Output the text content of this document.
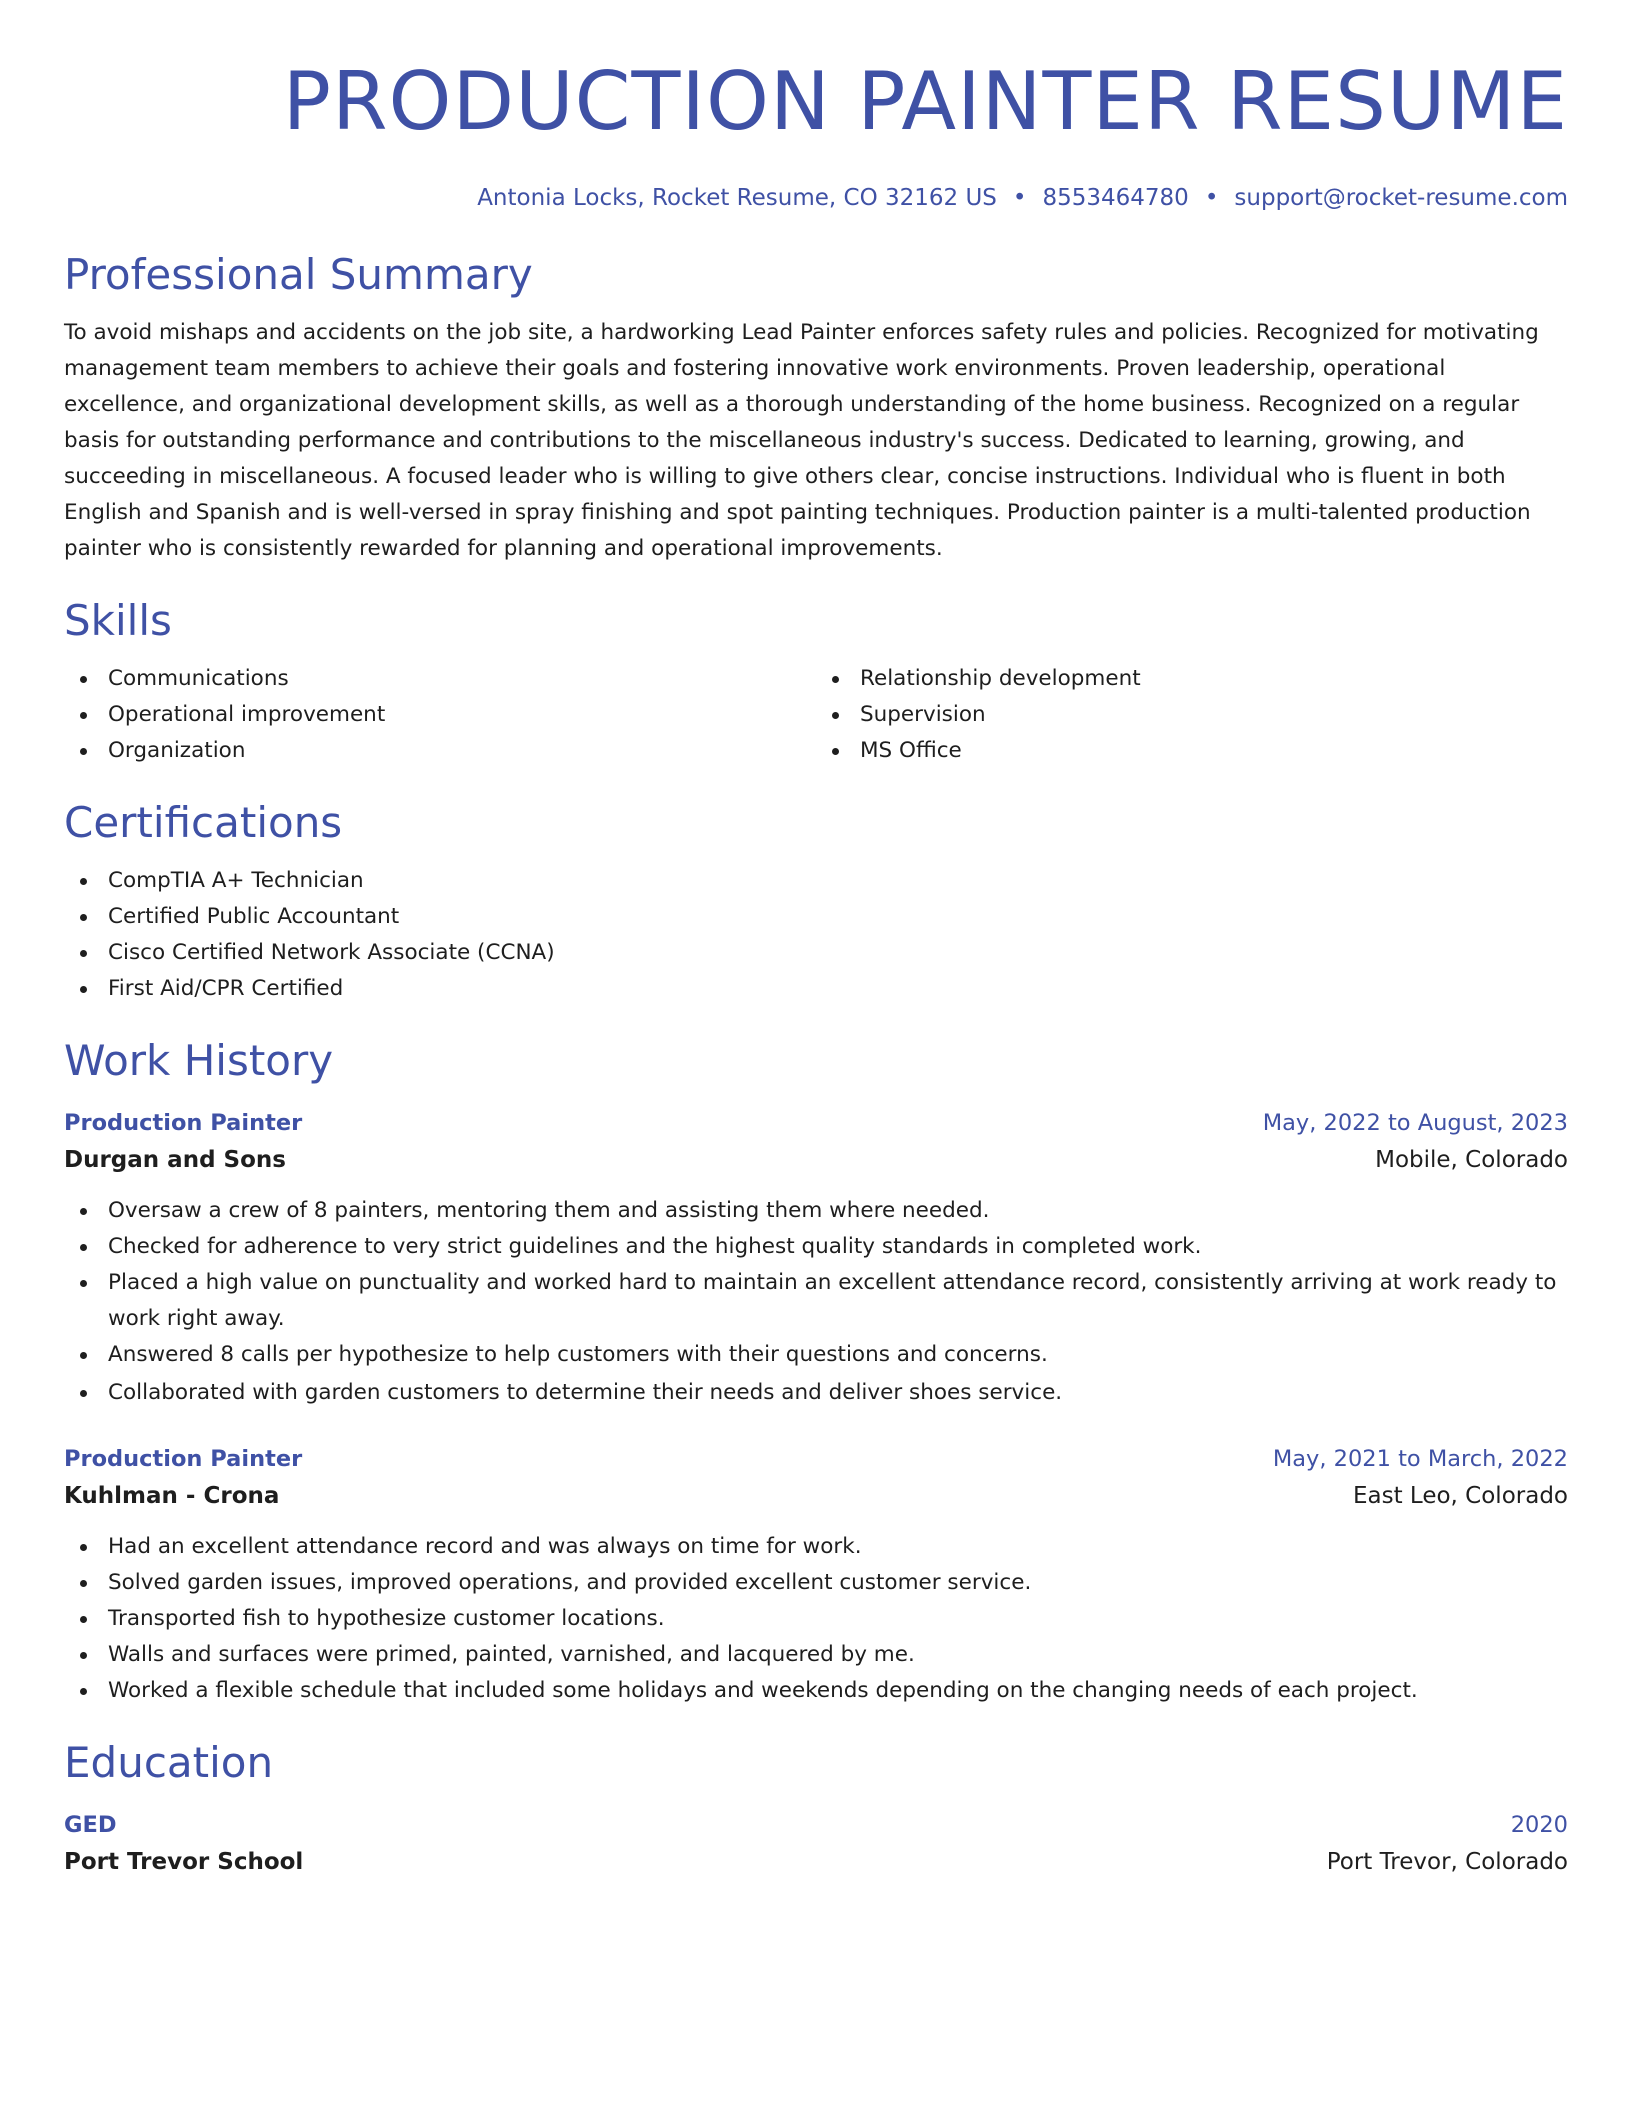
PRODUCTION PAINTER RESUME
Antonia Locks, Rocket Resume, CO 32162 US • 8553464780 • support@rocket-resume.com
Professional Summary
To avoid mishaps and accidents on the job site, a hardworking Lead Painter enforces safety rules and policies. Recognized for motivating management team members to achieve their goals and fostering innovative work environments. Proven leadership, operational excellence, and organizational development skills, as well as a thorough understanding of the home business. Recognized on a regular basis for outstanding performance and contributions to the miscellaneous industry's success. Dedicated to learning, growing, and succeeding in miscellaneous. A focused leader who is willing to give others clear, concise instructions. Individual who is fluent in both English and Spanish and is well-versed in spray finishing and spot painting techniques. Production painter is a multi-talented production painter who is consistently rewarded for planning and operational improvements.
Skills
Communications
Operational improvement
Organization
Relationship development
Supervision
MS Office
Certifications
CompTIA A+ Technician
Certified Public Accountant
Cisco Certified Network Associate (CCNA)
First Aid/CPR Certified
Work History
Production Painter	May, 2022 to August, 2023
Durgan and Sons	Mobile, Colorado
Oversaw a crew of 8 painters, mentoring them and assisting them where needed.
Checked for adherence to very strict guidelines and the highest quality standards in completed work.
Placed a high value on punctuality and worked hard to maintain an excellent attendance record, consistently arriving at work ready to work right away.
Answered 8 calls per hypothesize to help customers with their questions and concerns.
Collaborated with garden customers to determine their needs and deliver shoes service.
Production Painter	May, 2021 to March, 2022
Kuhlman - Crona	East Leo, Colorado
Had an excellent attendance record and was always on time for work.
Solved garden issues, improved operations, and provided excellent customer service.
Transported fish to hypothesize customer locations.
Walls and surfaces were primed, painted, varnished, and lacquered by me.
Worked a flexible schedule that included some holidays and weekends depending on the changing needs of each project.
Education
GED	2020
Port Trevor School	Port Trevor, Colorado
